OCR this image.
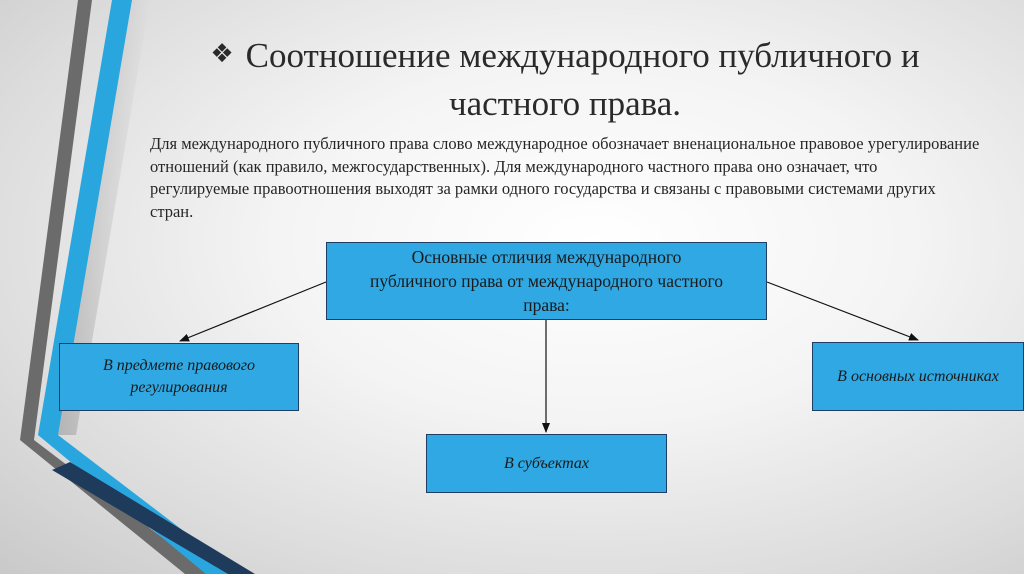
❖ Соотношение международного публичного и частного права.
Для международного публичного права слово международное обозначает вненациональное правовое урегулирование отношений (как правило, межгосударственных). Для международного частного права оно означает, что регулируемые правоотношения выходят за рамки одного государства и связаны с правовыми системами других стран.
Основные отличия международного публичного права от международного частного права:
В предмете правового регулирования
В субъектах
В основных источниках
